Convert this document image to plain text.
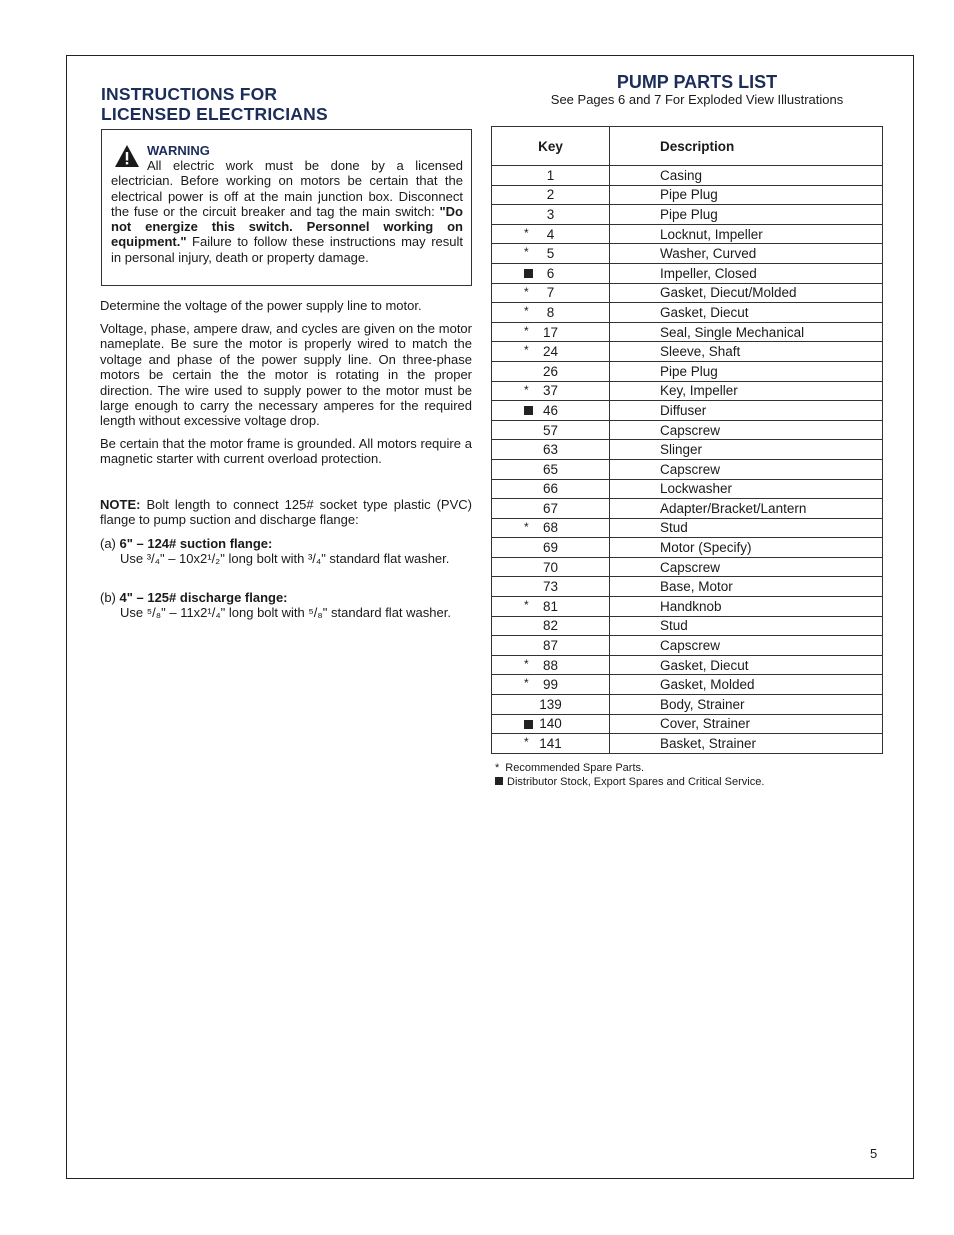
INSTRUCTIONS FOR
LICENSED ELECTRICIANS
WARNING
All electric work must be done by a licensed electrician. Before working on motors be certain that the electrical power is off at the main junction box. Disconnect the fuse or the circuit breaker and tag the main switch: "Do not energize this switch. Personnel working on equipment." Failure to follow these instructions may result in personal injury, death or property damage.
Determine the voltage of the power supply line to motor.
Voltage, phase, ampere draw, and cycles are given on the motor nameplate. Be sure the motor is properly wired to match the voltage and phase of the power supply line. On three-phase motors be certain the the motor is rotating in the proper direction. The wire used to supply power to the motor must be large enough to carry the necessary amperes for the required length without excessive voltage drop.
Be certain that the motor frame is grounded. All motors require a magnetic starter with current overload protection.
NOTE: Bolt length to connect 125# socket type plastic (PVC) flange to pump suction and discharge flange:
(a) 6" – 124# suction flange:
Use ³/₄" – 10x2¹/₂" long bolt with ³/₄" standard flat washer.
(b) 4" – 125# discharge flange:
Use ⁵/₈" – 11x2¹/₄" long bolt with ⁵/₈" standard flat washer.
PUMP PARTS LIST
See Pages 6 and 7 For Exploded View Illustrations
Key	Description
1	Casing
2	Pipe Plug
3	Pipe Plug

* 4	Locknut, Impeller

* 5	Washer, Curved

6	Impeller, Closed

* 7	Gasket, Diecut/Molded

* 8	Gasket, Diecut

* 17	Seal, Single Mechanical

* 24	Sleeve, Shaft
26	Pipe Plug

* 37	Key, Impeller

46	Diffuser
57	Capscrew
63	Slinger
65	Capscrew
66	Lockwasher
67	Adapter/Bracket/Lantern

* 68	Stud
69	Motor (Specify)
70	Capscrew
73	Base, Motor

* 81	Handknob
82	Stud
87	Capscrew

* 88	Gasket, Diecut

* 99	Gasket, Molded
139	Body, Strainer

140	Cover, Strainer

* 141	Basket, Strainer
* Recommended Spare Parts.
Distributor Stock, Export Spares and Critical Service.
5
